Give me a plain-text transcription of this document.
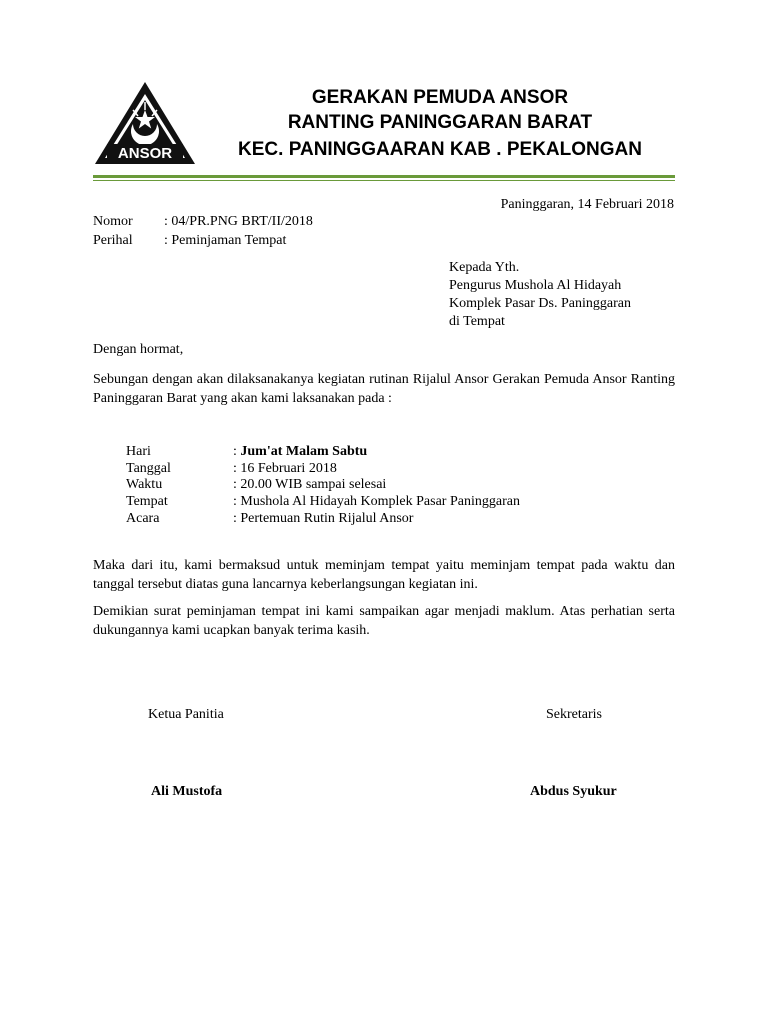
ANSOR
GERAKAN PEMUDA ANSOR
RANTING PANINGGARAN BARAT
KEC. PANINGGAARAN KAB . PEKALONGAN
Paninggaran, 14 Februari 2018
Nomor : 04/PR.PNG BRT/II/2018
Perihal : Peminjaman Tempat
Kepada Yth.
Pengurus Mushola Al Hidayah
Komplek Pasar Ds. Paninggaran
di Tempat
Dengan hormat,
Sebungan dengan akan dilaksanakanya kegiatan rutinan Rijalul Ansor Gerakan Pemuda Ansor Ranting Paninggaran Barat yang akan kami laksanakan pada :
Hari	: Jum'at Malam Sabtu
Tanggal	: 16 Februari 2018
Waktu	: 20.00 WIB sampai selesai
Tempat	: Mushola Al Hidayah Komplek Pasar Paninggaran
Acara	: Pertemuan Rutin Rijalul Ansor
Maka dari itu, kami bermaksud untuk meminjam tempat yaitu meminjam tempat pada waktu dan tanggal tersebut diatas guna lancarnya keberlangsungan kegiatan ini.
Demikian surat peminjaman tempat ini kami sampaikan agar menjadi maklum. Atas perhatian serta dukungannya kami ucapkan banyak terima kasih.
Ketua Panitia	Sekretaris
Ali Mustofa	Abdus Syukur
